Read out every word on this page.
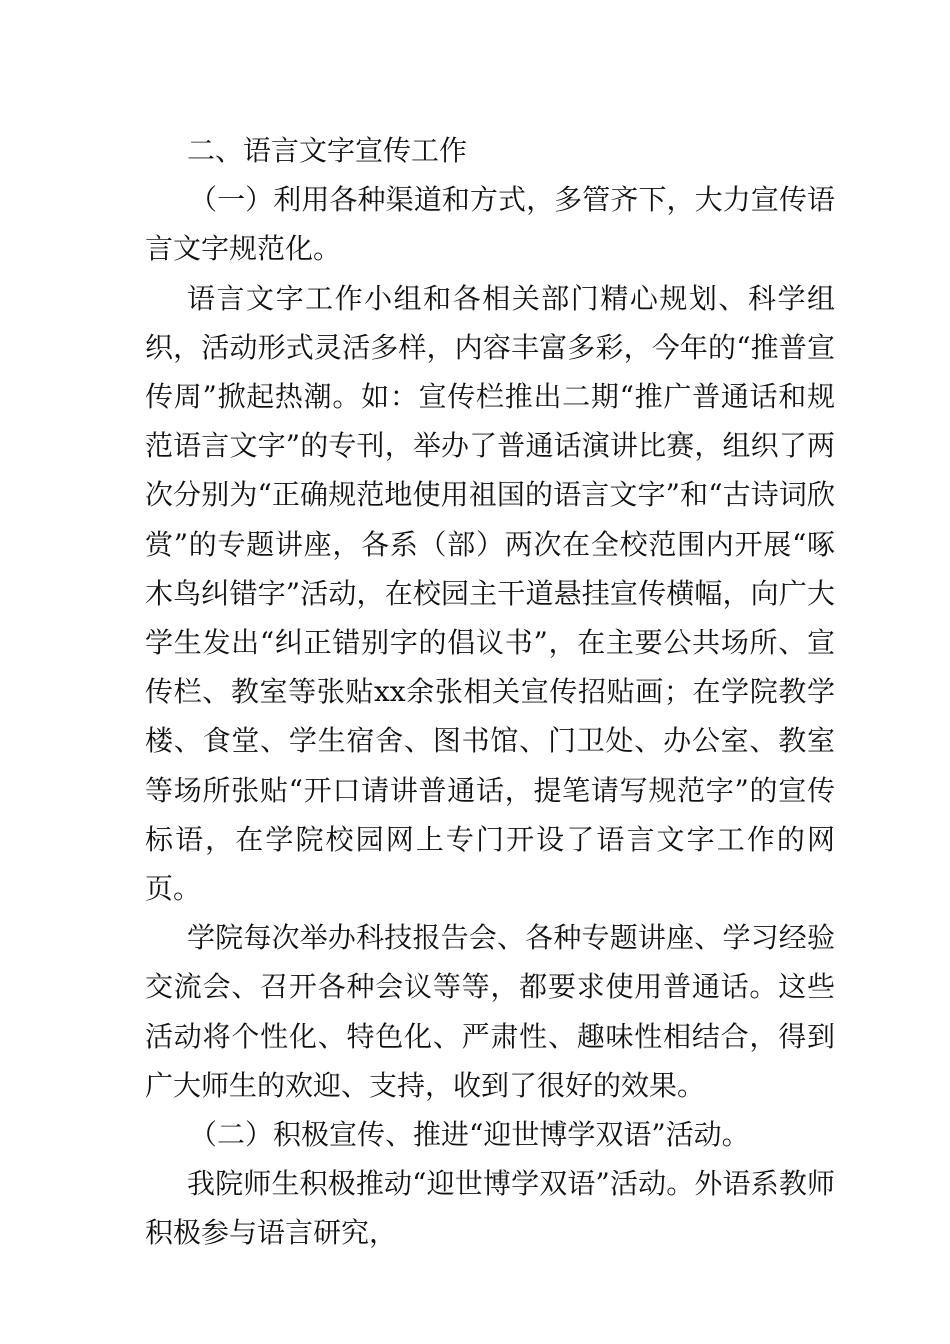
二、语言文字宣传工作

（一）利用各种渠道和方式，多管齐下，大力宣传语言文字规范化。

语言文字工作小组和各相关部门精心规划、科学组织，活动形式灵活多样，内容丰富多彩，今年的“推普宣传周”掀起热潮。如：宣传栏推出二期“推广普通话和规范语言文字”的专刊，举办了普通话演讲比赛，组织了两次分别为“正确规范地使用祖国的语言文字”和“古诗词欣赏”的专题讲座，各系（部）两次在全校范围内开展“啄木鸟纠错字”活动，在校园主干道悬挂宣传横幅，向广大学生发出“纠正错别字的倡议书”，在主要公共场所、宣传栏、教室等张贴xx余张相关宣传招贴画；在学院教学楼、食堂、学生宿舍、图书馆、门卫处、办公室、教室等场所张贴“开口请讲普通话，提笔请写规范字”的宣传标语，在学院校园网上专门开设了语言文字工作的网页。

学院每次举办科技报告会、各种专题讲座、学习经验交流会、召开各种会议等等，都要求使用普通话。这些活动将个性化、特色化、严肃性、趣味性相结合，得到广大师生的欢迎、支持，收到了很好的效果。

（二）积极宣传、推进“迎世博学双语”活动。

我院师生积极推动“迎世博学双语”活动。外语系教师积极参与语言研究，
